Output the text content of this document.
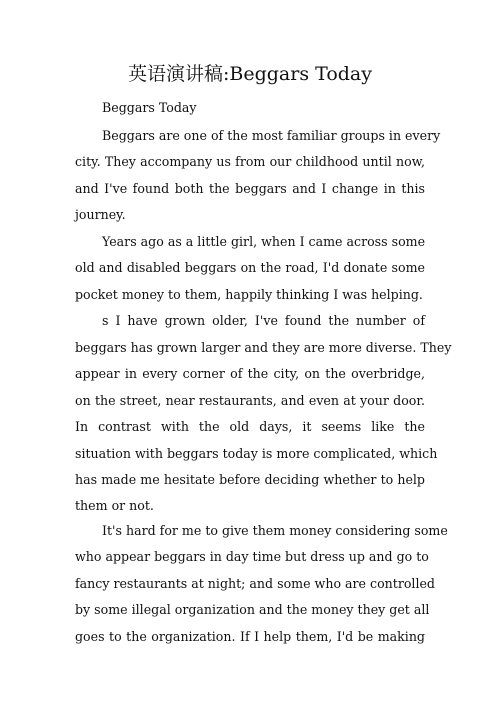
英语演讲稿:Beggars Today
Beggars Today
Beggars are one of the most familiar groups in every
city. They accompany us from our childhood until now,
and I've found both the beggars and I change in this
journey.
Years ago as a little girl, when I came across some
old and disabled beggars on the road, I'd donate some
pocket money to them, happily thinking I was helping.
s I have grown older, I've found the number of
beggars has grown larger and they are more diverse. They
appear in every corner of the city, on the overbridge,
on the street, near restaurants, and even at your door.
In contrast with the old days, it seems like the
situation with beggars today is more complicated, which
has made me hesitate before deciding whether to help
them or not.
It's hard for me to give them money considering some
who appear beggars in day time but dress up and go to
fancy restaurants at night; and some who are controlled
by some illegal organization and the money they get all
goes to the organization. If I help them, I'd be making
